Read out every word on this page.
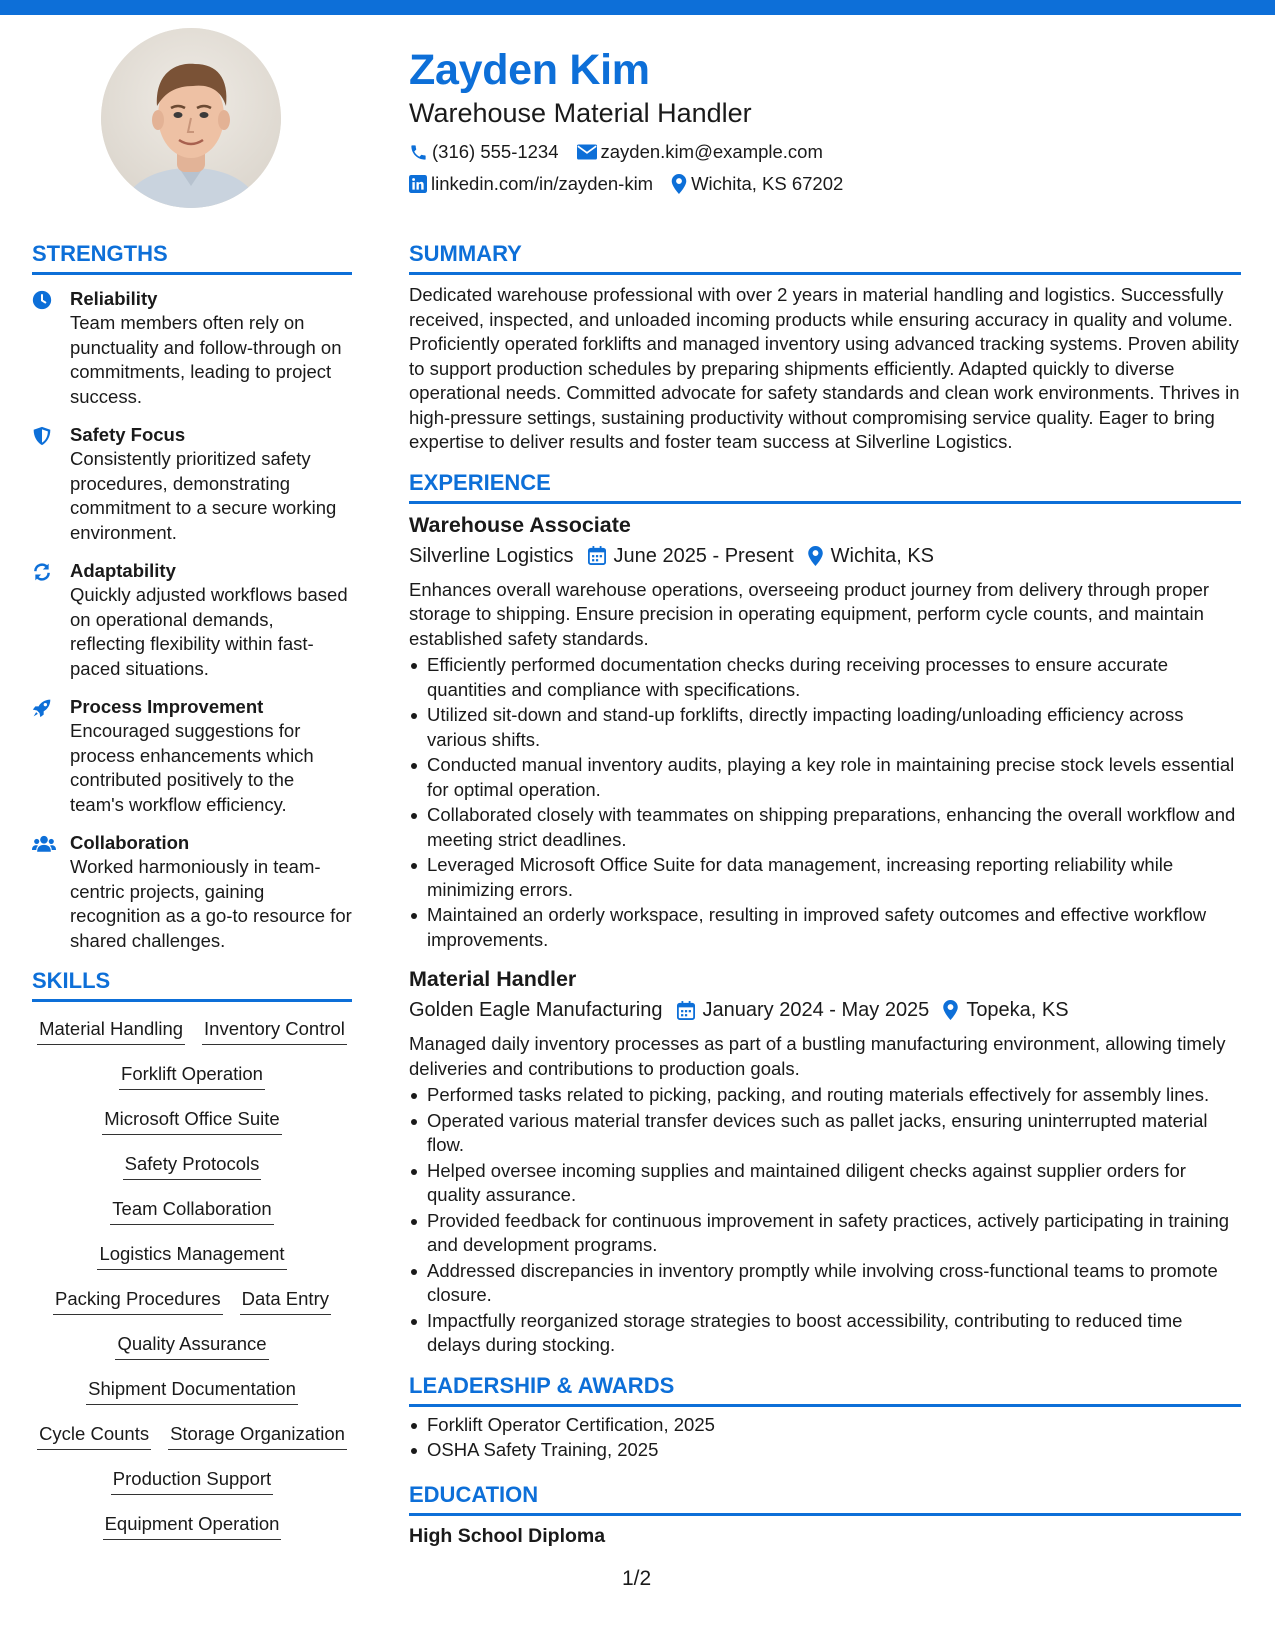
Zayden Kim
Warehouse Material Handler
(316) 555-1234 zayden.kim@example.com
linkedin.com/in/zayden-kim Wichita, KS 67202
STRENGTHS
Reliability
Team members often rely on punctuality and follow-through on commitments, leading to project success.
Safety Focus
Consistently prioritized safety procedures, demonstrating commitment to a secure working environment.
Adaptability
Quickly adjusted workflows based on operational demands, reflecting flexibility within fast-paced situations.
Process Improvement
Encouraged suggestions for process enhancements which contributed positively to the team's workflow efficiency.
Collaboration
Worked harmoniously in team-centric projects, gaining recognition as a go-to resource for shared challenges.
SKILLS
Material Handling Inventory Control
Forklift Operation
Microsoft Office Suite
Safety Protocols
Team Collaboration
Logistics Management
Packing Procedures Data Entry
Quality Assurance
Shipment Documentation
Cycle Counts Storage Organization
Production Support
Equipment Operation
SUMMARY
Dedicated warehouse professional with over 2 years in material handling and logistics. Successfully received, inspected, and unloaded incoming products while ensuring accuracy in quality and volume. Proficiently operated forklifts and managed inventory using advanced tracking systems. Proven ability to support production schedules by preparing shipments efficiently. Adapted quickly to diverse operational needs. Committed advocate for safety standards and clean work environments. Thrives in high-pressure settings, sustaining productivity without compromising service quality. Eager to bring expertise to deliver results and foster team success at Silverline Logistics.
EXPERIENCE
Warehouse Associate
Silverline Logistics June 2025 - Present Wichita, KS
Enhances overall warehouse operations, overseeing product journey from delivery through proper storage to shipping. Ensure precision in operating equipment, perform cycle counts, and maintain established safety standards.
Efficiently performed documentation checks during receiving processes to ensure accurate quantities and compliance with specifications.
Utilized sit-down and stand-up forklifts, directly impacting loading/unloading efficiency across various shifts.
Conducted manual inventory audits, playing a key role in maintaining precise stock levels essential for optimal operation.
Collaborated closely with teammates on shipping preparations, enhancing the overall workflow and meeting strict deadlines.
Leveraged Microsoft Office Suite for data management, increasing reporting reliability while minimizing errors.
Maintained an orderly workspace, resulting in improved safety outcomes and effective workflow improvements.
Material Handler
Golden Eagle Manufacturing January 2024 - May 2025 Topeka, KS
Managed daily inventory processes as part of a bustling manufacturing environment, allowing timely deliveries and contributions to production goals.
Performed tasks related to picking, packing, and routing materials effectively for assembly lines.
Operated various material transfer devices such as pallet jacks, ensuring uninterrupted material flow.
Helped oversee incoming supplies and maintained diligent checks against supplier orders for quality assurance.
Provided feedback for continuous improvement in safety practices, actively participating in training and development programs.
Addressed discrepancies in inventory promptly while involving cross-functional teams to promote closure.
Impactfully reorganized storage strategies to boost accessibility, contributing to reduced time delays during stocking.
LEADERSHIP & AWARDS
Forklift Operator Certification, 2025
OSHA Safety Training, 2025
EDUCATION
High School Diploma
1/2
